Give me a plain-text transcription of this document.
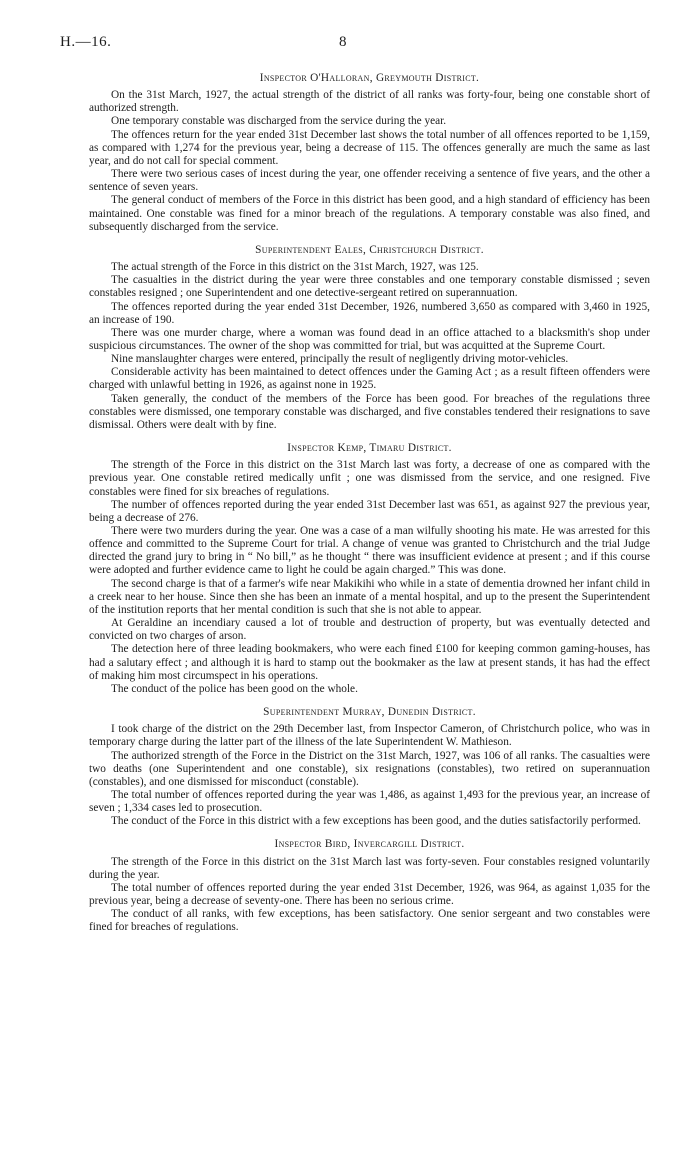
H.—16.	8

Inspector O'Halloran, Greymouth District.

On the 31st March, 1927, the actual strength of the district of all ranks was forty-four, being one constable short of authorized strength.

One temporary constable was discharged from the service during the year.

The offences return for the year ended 31st December last shows the total number of all offences reported to be 1,159, as compared with 1,274 for the previous year, being a decrease of 115. The offences generally are much the same as last year, and do not call for special comment.

There were two serious cases of incest during the year, one offender receiving a sentence of five years, and the other a sentence of seven years.

The general conduct of members of the Force in this district has been good, and a high standard of efficiency has been maintained. One constable was fined for a minor breach of the regulations. A temporary constable was also fined, and subsequently discharged from the service.

Superintendent Eales, Christchurch District.

The actual strength of the Force in this district on the 31st March, 1927, was 125.

The casualties in the district during the year were three constables and one temporary constable dismissed ; seven constables resigned ; one Superintendent and one detective-sergeant retired on superannuation.

The offences reported during the year ended 31st December, 1926, numbered 3,650 as compared with 3,460 in 1925, an increase of 190.

There was one murder charge, where a woman was found dead in an office attached to a blacksmith's shop under suspicious circumstances. The owner of the shop was committed for trial, but was acquitted at the Supreme Court.

Nine manslaughter charges were entered, principally the result of negligently driving motor-vehicles.

Considerable activity has been maintained to detect offences under the Gaming Act ; as a result fifteen offenders were charged with unlawful betting in 1926, as against none in 1925.

Taken generally, the conduct of the members of the Force has been good. For breaches of the regulations three constables were dismissed, one temporary constable was discharged, and five constables tendered their resignations to save dismissal. Others were dealt with by fine.

Inspector Kemp, Timaru District.

The strength of the Force in this district on the 31st March last was forty, a decrease of one as compared with the previous year. One constable retired medically unfit ; one was dismissed from the service, and one resigned. Five constables were fined for six breaches of regulations.

The number of offences reported during the year ended 31st December last was 651, as against 927 the previous year, being a decrease of 276.

There were two murders during the year. One was a case of a man wilfully shooting his mate. He was arrested for this offence and committed to the Supreme Court for trial. A change of venue was granted to Christchurch and the trial Judge directed the grand jury to bring in “ No bill,” as he thought “ there was insufficient evidence at present ; and if this course were adopted and further evidence came to light he could be again charged.” This was done.

The second charge is that of a farmer's wife near Makikihi who while in a state of dementia drowned her infant child in a creek near to her house. Since then she has been an inmate of a mental hospital, and up to the present the Superintendent of the institution reports that her mental condition is such that she is not able to appear.

At Geraldine an incendiary caused a lot of trouble and destruction of property, but was eventually detected and convicted on two charges of arson.

The detection here of three leading bookmakers, who were each fined £100 for keeping common gaming-houses, has had a salutary effect ; and although it is hard to stamp out the bookmaker as the law at present stands, it has had the effect of making him most circumspect in his operations.

The conduct of the police has been good on the whole.

Superintendent Murray, Dunedin District.

I took charge of the district on the 29th December last, from Inspector Cameron, of Christchurch police, who was in temporary charge during the latter part of the illness of the late Superintendent W. Mathieson.

The authorized strength of the Force in the District on the 31st March, 1927, was 106 of all ranks. The casualties were two deaths (one Superintendent and one constable), six resignations (constables), two retired on superannuation (constables), and one dismissed for misconduct (constable).

The total number of offences reported during the year was 1,486, as against 1,493 for the previous year, an increase of seven ; 1,334 cases led to prosecution.

The conduct of the Force in this district with a few exceptions has been good, and the duties satisfactorily performed.

Inspector Bird, Invercargill District.

The strength of the Force in this district on the 31st March last was forty-seven. Four constables resigned voluntarily during the year.

The total number of offences reported during the year ended 31st December, 1926, was 964, as against 1,035 for the previous year, being a decrease of seventy-one. There has been no serious crime.

The conduct of all ranks, with few exceptions, has been satisfactory. One senior sergeant and two constables were fined for breaches of regulations.
